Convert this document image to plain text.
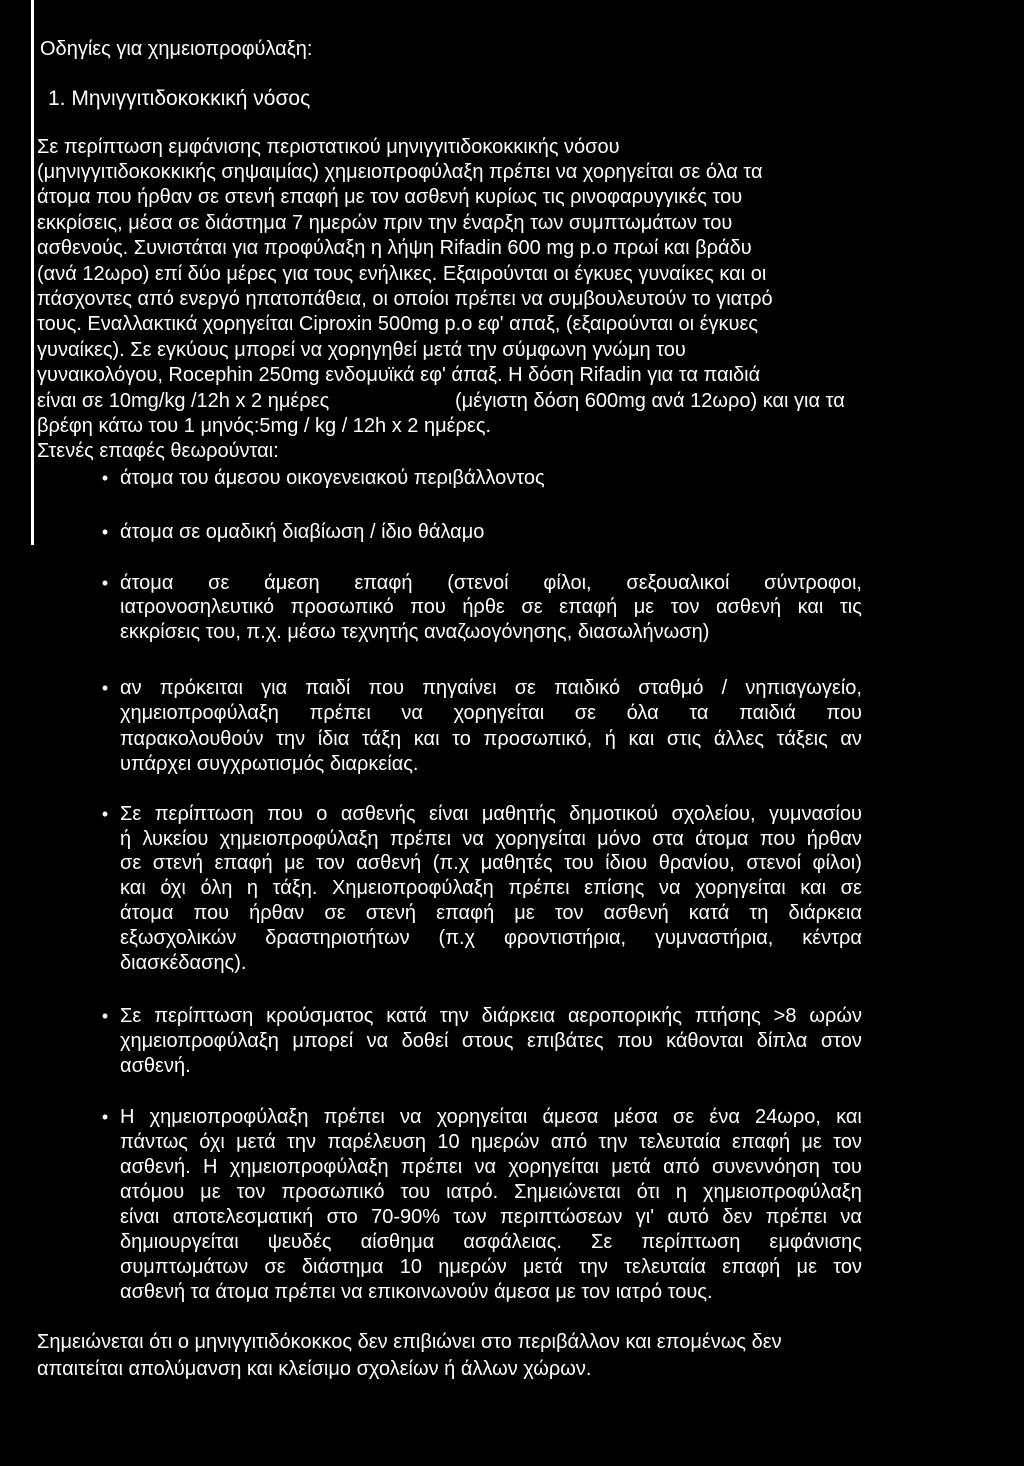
Οδηγίες για χημειοπροφύλαξη:
1. Μηνιγγιτιδοκοκκική νόσος
Σε περίπτωση εμφάνισης περιστατικού μηνιγγιτιδοκοκκικής νόσου
(μηνιγγιτιδοκοκκικής σηψαιμίας) χημειοπροφύλαξη πρέπει να χορηγείται σε όλα τα
άτομα που ήρθαν σε στενή επαφή με τον ασθενή κυρίως τις ρινοφαρυγγικές του
εκκρίσεις, μέσα σε διάστημα 7 ημερών πριν την έναρξη των συμπτωμάτων του
ασθενούς. Συνιστάται για προφύλαξη η λήψη Rifadin 600 mg p.o πρωί και βράδυ
(ανά 12ωρο) επί δύο μέρες για τους ενήλικες. Εξαιρούνται οι έγκυες γυναίκες και οι
πάσχοντες από ενεργό ηπατοπάθεια, οι οποίοι πρέπει να συμβουλευτούν το γιατρό
τους. Εναλλακτικά χορηγείται Ciproxin 500mg p.o εφ' απαξ, (εξαιρούνται οι έγκυες
γυναίκες). Σε εγκύους μπορεί να χορηγηθεί μετά την σύμφωνη γνώμη του
γυναικολόγου, Rocephin 250mg ενδομυϊκά εφ' άπαξ. Η δόση Rifadin για τα παιδιά
είναι σε 10mg/kg /12h x 2 ημέρες	(μέγιστη δόση 600mg ανά 12ωρο) και για τα
βρέφη κάτω του 1 μηνός:5mg / kg / 12h x 2 ημέρες.
Στενές επαφές θεωρούνται:
• άτομα του άμεσου οικογενειακού περιβάλλοντος
• άτομα σε ομαδική διαβίωση / ίδιο θάλαμο
• άτομα σε άμεση επαφή (στενοί φίλοι, σεξουαλικοί σύντροφοι,
ιατρονοσηλευτικό προσωπικό που ήρθε σε επαφή με τον ασθενή και τις
εκκρίσεις του, π.χ. μέσω τεχνητής αναζωογόνησης, διασωλήνωση)
• αν πρόκειται για παιδί που πηγαίνει σε παιδικό σταθμό / νηπιαγωγείο,
χημειοπροφύλαξη πρέπει να χορηγείται σε όλα τα παιδιά που
παρακολουθούν την ίδια τάξη και το προσωπικό, ή και στις άλλες τάξεις αν
υπάρχει συγχρωτισμός διαρκείας.
• Σε περίπτωση που ο ασθενής είναι μαθητής δημοτικού σχολείου, γυμνασίου
ή λυκείου χημειοπροφύλαξη πρέπει να χορηγείται μόνο στα άτομα που ήρθαν
σε στενή επαφή με τον ασθενή (π.χ μαθητές του ίδιου θρανίου, στενοί φίλοι)
και όχι όλη η τάξη. Χημειοπροφύλαξη πρέπει επίσης να χορηγείται και σε
άτομα που ήρθαν σε στενή επαφή με τον ασθενή κατά τη διάρκεια
εξωσχολικών δραστηριοτήτων (π.χ φροντιστήρια, γυμναστήρια, κέντρα
διασκέδασης).
• Σε περίπτωση κρούσματος κατά την διάρκεια αεροπορικής πτήσης >8 ωρών
χημειοπροφύλαξη μπορεί να δοθεί στους επιβάτες που κάθονται δίπλα στον
ασθενή.
• Η χημειοπροφύλαξη πρέπει να χορηγείται άμεσα μέσα σε ένα 24ωρο, και
πάντως όχι μετά την παρέλευση 10 ημερών από την τελευταία επαφή με τον
ασθενή. Η χημειοπροφύλαξη πρέπει να χορηγείται μετά από συνεννόηση του
ατόμου με τον προσωπικό του ιατρό. Σημειώνεται ότι η χημειοπροφύλαξη
είναι αποτελεσματική στο 70-90% των περιπτώσεων γι' αυτό δεν πρέπει να
δημιουργείται ψευδές αίσθημα ασφάλειας. Σε περίπτωση εμφάνισης
συμπτωμάτων σε διάστημα 10 ημερών μετά την τελευταία επαφή με τον
ασθενή τα άτομα πρέπει να επικοινωνούν άμεσα με τον ιατρό τους.
Σημειώνεται ότι ο μηνιγγιτιδόκοκκος δεν επιβιώνει στο περιβάλλον και επομένως δεν
απαιτείται απολύμανση και κλείσιμο σχολείων ή άλλων χώρων.
